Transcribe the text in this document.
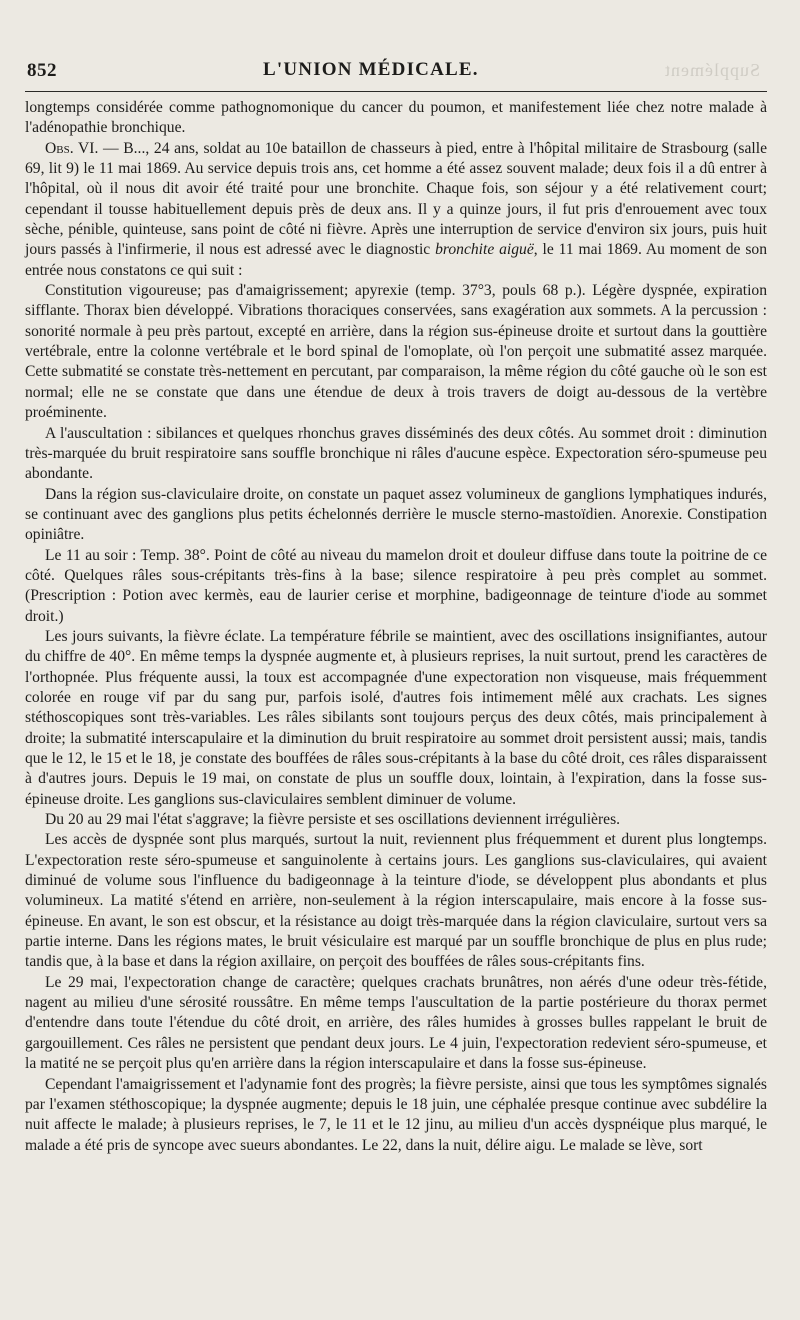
Supplément
852	L'UNION MÉDICALE.

longtemps considérée comme pathognomonique du cancer du poumon, et manifestement liée chez notre malade à l'adénopathie bronchique.

Obs. VI. — B..., 24 ans, soldat au 10e bataillon de chasseurs à pied, entre à l'hôpital militaire de Strasbourg (salle 69, lit 9) le 11 mai 1869. Au service depuis trois ans, cet homme a été assez souvent malade; deux fois il a dû entrer à l'hôpital, où il nous dit avoir été traité pour une bronchite. Chaque fois, son séjour y a été relativement court; cependant il tousse habituellement depuis près de deux ans. Il y a quinze jours, il fut pris d'enrouement avec toux sèche, pénible, quinteuse, sans point de côté ni fièvre. Après une interruption de service d'environ six jours, puis huit jours passés à l'infirmerie, il nous est adressé avec le diagnostic bronchite aiguë, le 11 mai 1869. Au moment de son entrée nous constatons ce qui suit :

Constitution vigoureuse; pas d'amaigrissement; apyrexie (temp. 37°3, pouls 68 p.). Légère dyspnée, expiration sifflante. Thorax bien développé. Vibrations thoraciques conservées, sans exagération aux sommets. A la percussion : sonorité normale à peu près partout, excepté en arrière, dans la région sus-épineuse droite et surtout dans la gouttière vertébrale, entre la colonne vertébrale et le bord spinal de l'omoplate, où l'on perçoit une submatité assez marquée. Cette submatité se constate très-nettement en percutant, par comparaison, la même région du côté gauche où le son est normal; elle ne se constate que dans une étendue de deux à trois travers de doigt au-dessous de la vertèbre proéminente.

A l'auscultation : sibilances et quelques rhonchus graves disséminés des deux côtés. Au sommet droit : diminution très-marquée du bruit respiratoire sans souffle bronchique ni râles d'aucune espèce. Expectoration séro-spumeuse peu abondante.

Dans la région sus-claviculaire droite, on constate un paquet assez volumineux de ganglions lymphatiques indurés, se continuant avec des ganglions plus petits échelonnés derrière le muscle sterno-mastoïdien. Anorexie. Constipation opiniâtre.

Le 11 au soir : Temp. 38°. Point de côté au niveau du mamelon droit et douleur diffuse dans toute la poitrine de ce côté. Quelques râles sous-crépitants très-fins à la base; silence respiratoire à peu près complet au sommet. (Prescription : Potion avec kermès, eau de laurier cerise et morphine, badigeonnage de teinture d'iode au sommet droit.)

Les jours suivants, la fièvre éclate. La température fébrile se maintient, avec des oscillations insignifiantes, autour du chiffre de 40°. En même temps la dyspnée augmente et, à plusieurs reprises, la nuit surtout, prend les caractères de l'orthopnée. Plus fréquente aussi, la toux est accompagnée d'une expectoration non visqueuse, mais fréquemment colorée en rouge vif par du sang pur, parfois isolé, d'autres fois intimement mêlé aux crachats. Les signes stéthoscopiques sont très-variables. Les râles sibilants sont toujours perçus des deux côtés, mais principalement à droite; la submatité interscapulaire et la diminution du bruit respiratoire au sommet droit persistent aussi; mais, tandis que le 12, le 15 et le 18, je constate des bouffées de râles sous-crépitants à la base du côté droit, ces râles disparaissent à d'autres jours. Depuis le 19 mai, on constate de plus un souffle doux, lointain, à l'expiration, dans la fosse sus-épineuse droite. Les ganglions sus-claviculaires semblent diminuer de volume.

Du 20 au 29 mai l'état s'aggrave; la fièvre persiste et ses oscillations deviennent irrégulières.

Les accès de dyspnée sont plus marqués, surtout la nuit, reviennent plus fréquemment et durent plus longtemps. L'expectoration reste séro-spumeuse et sanguinolente à certains jours. Les ganglions sus-claviculaires, qui avaient diminué de volume sous l'influence du badigeonnage à la teinture d'iode, se développent plus abondants et plus volumineux. La matité s'étend en arrière, non-seulement à la région interscapulaire, mais encore à la fosse sus-épineuse. En avant, le son est obscur, et la résistance au doigt très-marquée dans la région claviculaire, surtout vers sa partie interne. Dans les régions mates, le bruit vésiculaire est marqué par un souffle bronchique de plus en plus rude; tandis que, à la base et dans la région axillaire, on perçoit des bouffées de râles sous-crépitants fins.

Le 29 mai, l'expectoration change de caractère; quelques crachats brunâtres, non aérés d'une odeur très-fétide, nagent au milieu d'une sérosité roussâtre. En même temps l'auscultation de la partie postérieure du thorax permet d'entendre dans toute l'étendue du côté droit, en arrière, des râles humides à grosses bulles rappelant le bruit de gargouillement. Ces râles ne persistent que pendant deux jours. Le 4 juin, l'expectoration redevient séro-spumeuse, et la matité ne se perçoit plus qu'en arrière dans la région interscapulaire et dans la fosse sus-épineuse.

Cependant l'amaigrissement et l'adynamie font des progrès; la fièvre persiste, ainsi que tous les symptômes signalés par l'examen stéthoscopique; la dyspnée augmente; depuis le 18 juin, une céphalée presque continue avec subdélire la nuit affecte le malade; à plusieurs reprises, le 7, le 11 et le 12 jinu, au milieu d'un accès dyspnéique plus marqué, le malade a été pris de syncope avec sueurs abondantes. Le 22, dans la nuit, délire aigu. Le malade se lève, sort
